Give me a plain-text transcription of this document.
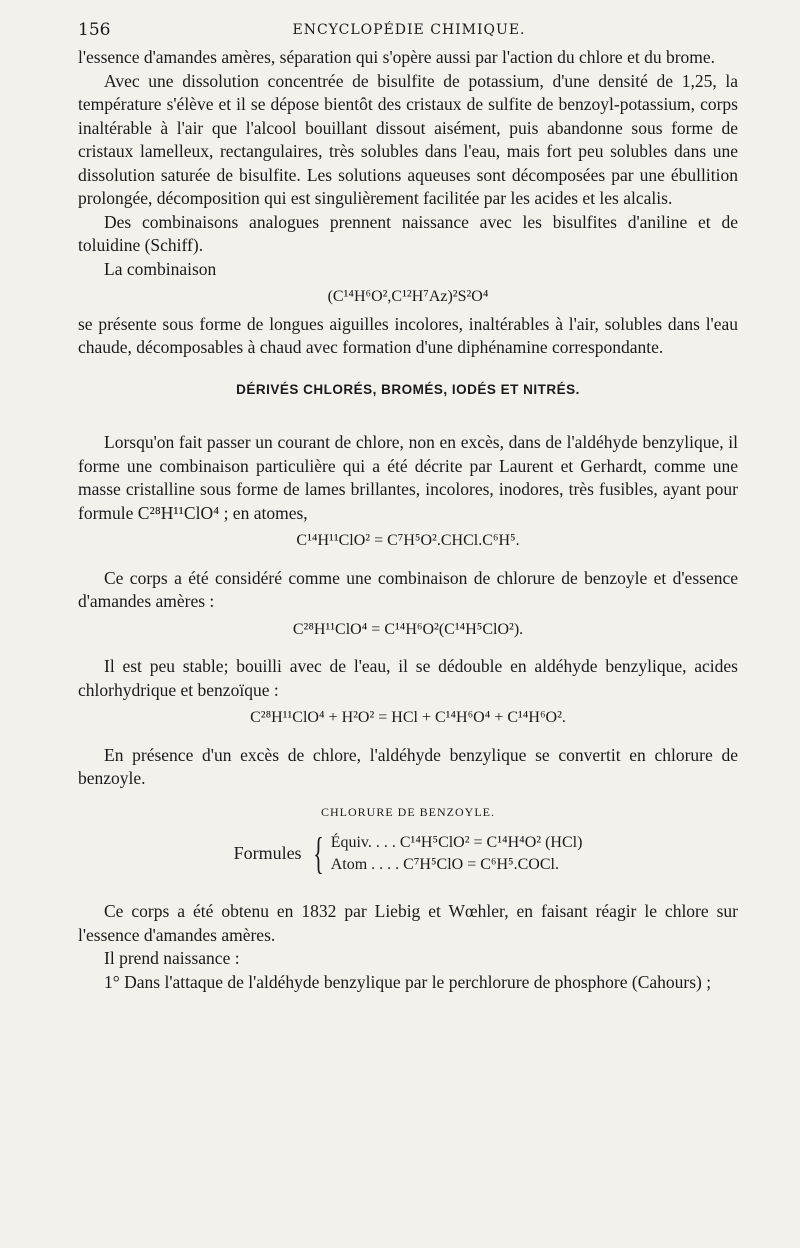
156	ENCYCLOPÉDIE CHIMIQUE.

l'essence d'amandes amères, séparation qui s'opère aussi par l'action du chlore et du brome.

Avec une dissolution concentrée de bisulfite de potassium, d'une densité de 1,25, la température s'élève et il se dépose bientôt des cristaux de sulfite de benzoyl-potassium, corps inaltérable à l'air que l'alcool bouillant dissout aisément, puis abandonne sous forme de cristaux lamelleux, rectangulaires, très solubles dans l'eau, mais fort peu solubles dans une dissolution saturée de bisulfite. Les solutions aqueuses sont décomposées par une ébullition prolongée, décomposition qui est singulièrement facilitée par les acides et les alcalis.

Des combinaisons analogues prennent naissance avec les bisulfites d'aniline et de toluidine (Schiff).

La combinaison

(C¹⁴H⁶O²,C¹²H⁷Az)²S²O⁴

se présente sous forme de longues aiguilles incolores, inaltérables à l'air, solubles dans l'eau chaude, décomposables à chaud avec formation d'une diphénamine correspondante.

DÉRIVÉS CHLORÉS, BROMÉS, IODÉS ET NITRÉS.

Lorsqu'on fait passer un courant de chlore, non en excès, dans de l'aldéhyde benzylique, il forme une combinaison particulière qui a été décrite par Laurent et Gerhardt, comme une masse cristalline sous forme de lames brillantes, incolores, inodores, très fusibles, ayant pour formule C²⁸H¹¹ClO⁴ ; en atomes,

C¹⁴H¹¹ClO² = C⁷H⁵O².CHCl.C⁶H⁵.

Ce corps a été considéré comme une combinaison de chlorure de benzoyle et d'essence d'amandes amères :

C²⁸H¹¹ClO⁴ = C¹⁴H⁶O²(C¹⁴H⁵ClO²).

Il est peu stable; bouilli avec de l'eau, il se dédouble en aldéhyde benzylique, acides chlorhydrique et benzoïque :

C²⁸H¹¹ClO⁴ + H²O² = HCl + C¹⁴H⁶O⁴ + C¹⁴H⁶O².

En présence d'un excès de chlore, l'aldéhyde benzylique se convertit en chlorure de benzoyle.

CHLORURE DE BENZOYLE.
Formules { Équiv. . . . C¹⁴H⁵ClO² = C¹⁴H⁴O² (HCl)
Atom . . . . C⁷H⁵ClO = C⁶H⁵.COCl.

Ce corps a été obtenu en 1832 par Liebig et Wœhler, en faisant réagir le chlore sur l'essence d'amandes amères.

Il prend naissance :

1° Dans l'attaque de l'aldéhyde benzylique par le perchlorure de phosphore (Cahours) ;
